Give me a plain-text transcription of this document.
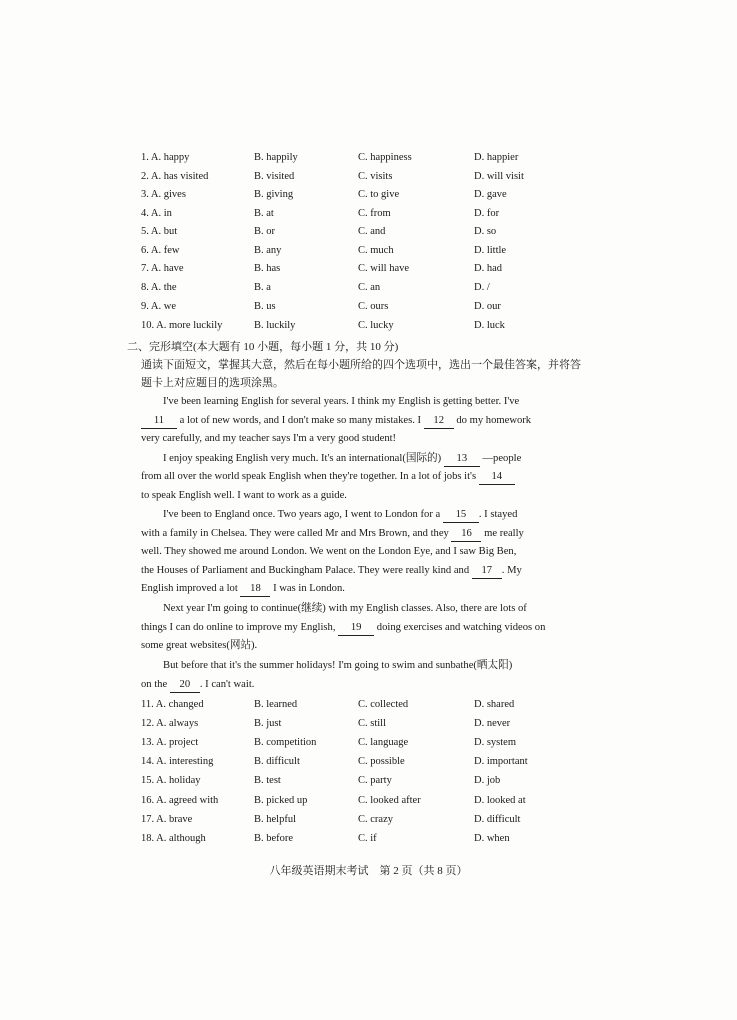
1. A. happy	B. happily	C. happiness	D. happier
2. A. has visited	B. visited	C. visits	D. will visit
3. A. gives	B. giving	C. to give	D. gave
4. A. in	B. at	C. from	D. for
5. A. but	B. or	C. and	D. so
6. A. few	B. any	C. much	D. little
7. A. have	B. has	C. will have	D. had
8. A. the	B. a	C. an	D. /
9. A. we	B. us	C. ours	D. our
10. A. more luckily	B. luckily	C. lucky	D. luck
二、完形填空(本大题有 10 小题，每小题 1 分，共 10 分)
通读下面短文，掌握其大意，然后在每小题所给的四个选项中，选出一个最佳答案，并将答
题卡上对应题目的选项涂黑。
I've been learning English for several years. I think my English is getting better. I've
11 a lot of new words, and I don't make so many mistakes. I 12 do my homework
very carefully, and my teacher says I'm a very good student!
I enjoy speaking English very much. It's an international(国际的) 13 —people
from all over the world speak English when they're together. In a lot of jobs it's 14
to speak English well. I want to work as a guide.
I've been to England once. Two years ago, I went to London for a 15 . I stayed
with a family in Chelsea. They were called Mr and Mrs Brown, and they 16 me really
well. They showed me around London. We went on the London Eye, and I saw Big Ben,
the Houses of Parliament and Buckingham Palace. They were really kind and 17 . My
English improved a lot 18 I was in London.
Next year I'm going to continue(继续) with my English classes. Also, there are lots of
things I can do online to improve my English, 19 doing exercises and watching videos on
some great websites(网站).
But before that it's the summer holidays! I'm going to swim and sunbathe(晒太阳)
on the 20 . I can't wait.
11. A. changed	B. learned	C. collected	D. shared
12. A. always	B. just	C. still	D. never
13. A. project	B. competition	C. language	D. system
14. A. interesting	B. difficult	C. possible	D. important
15. A. holiday	B. test	C. party	D. job
16. A. agreed with	B. picked up	C. looked after	D. looked at
17. A. brave	B. helpful	C. crazy	D. difficult
18. A. although	B. before	C. if	D. when
八年级英语期末考试　第 2 页（共 8 页）
